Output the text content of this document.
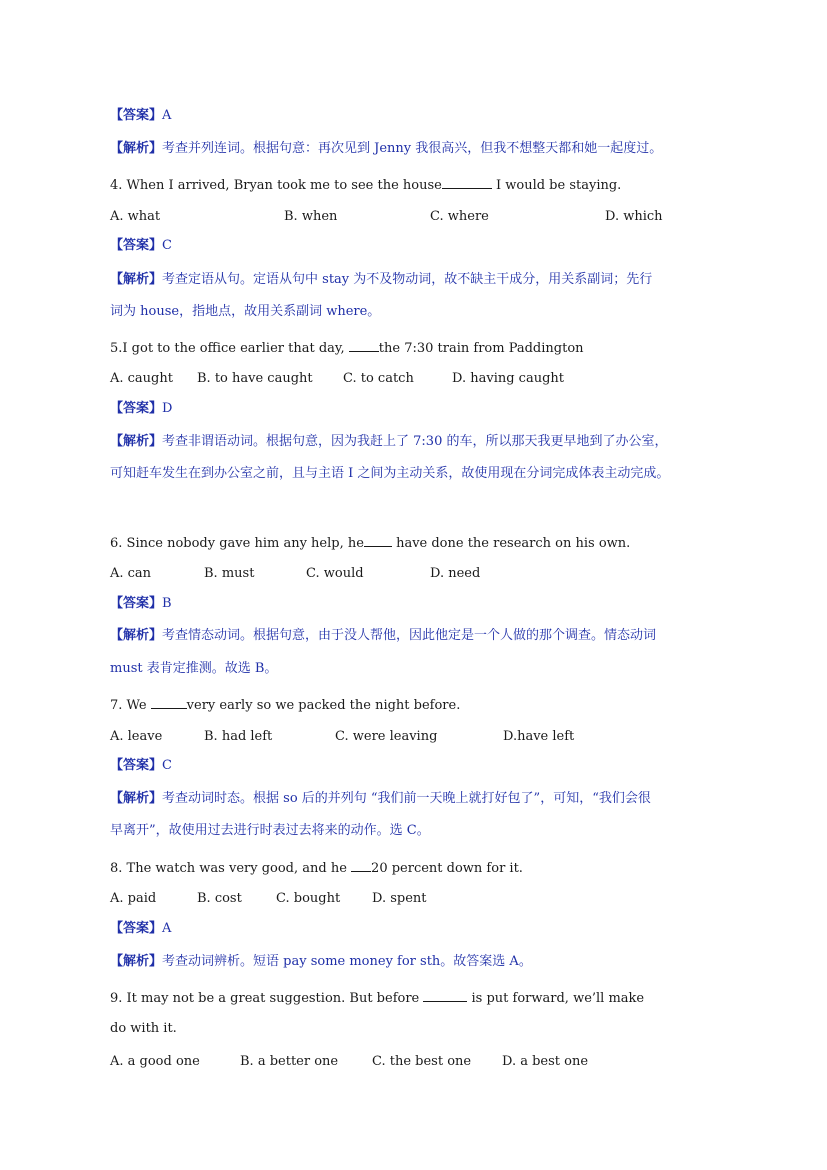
【答案】A
【解析】考查并列连词。根据句意：再次见到 Jenny 我很高兴，但我不想整天都和她一起度过。
4. When I arrived, Bryan took me to see the house	I would be staying.
A. what	B. when	C. where	D. which
【答案】C
【解析】考查定语从句。定语从句中 stay 为不及物动词，故不缺主干成分，用关系副词；先行
词为 house，指地点，故用关系副词 where。
5.I got to the office earlier that day, the 7:30 train from Paddington
A. caught B. to have caught C. to catch	D. having caught
【答案】D
【解析】考查非谓语动词。根据句意，因为我赶上了 7:30 的车，所以那天我更早地到了办公室，
可知赶车发生在到办公室之前，且与主语 I 之间为主动关系，故使用现在分词完成体表主动完成。
6. Since nobody gave him any help, he have done the research on his own.
A. can	B. must	C. would	D. need
【答案】B
【解析】考查情态动词。根据句意，由于没人帮他，因此他定是一个人做的那个调查。情态动词
must 表肯定推测。故选 B。
7. We	very early so we packed the night before.
A. leave	B. had left	C. were leaving	D.have left
【答案】C
【解析】考查动词时态。根据 so 后的并列句 “我们前一天晚上就打好包了”，可知，“我们会很
早离开”，故使用过去进行时表过去将来的动作。选 C。
8. The watch was very good, and he 20 percent down for it.
A. paid	B. cost	C. bought D. spent
【答案】A
【解析】考查动词辨析。短语 pay some money for sth。故答案选 A。
9. It may not be a great suggestion. But before	is put forward, we’ll make
do with it.
A. a good one	B. a better one	C. the best one D. a best one
